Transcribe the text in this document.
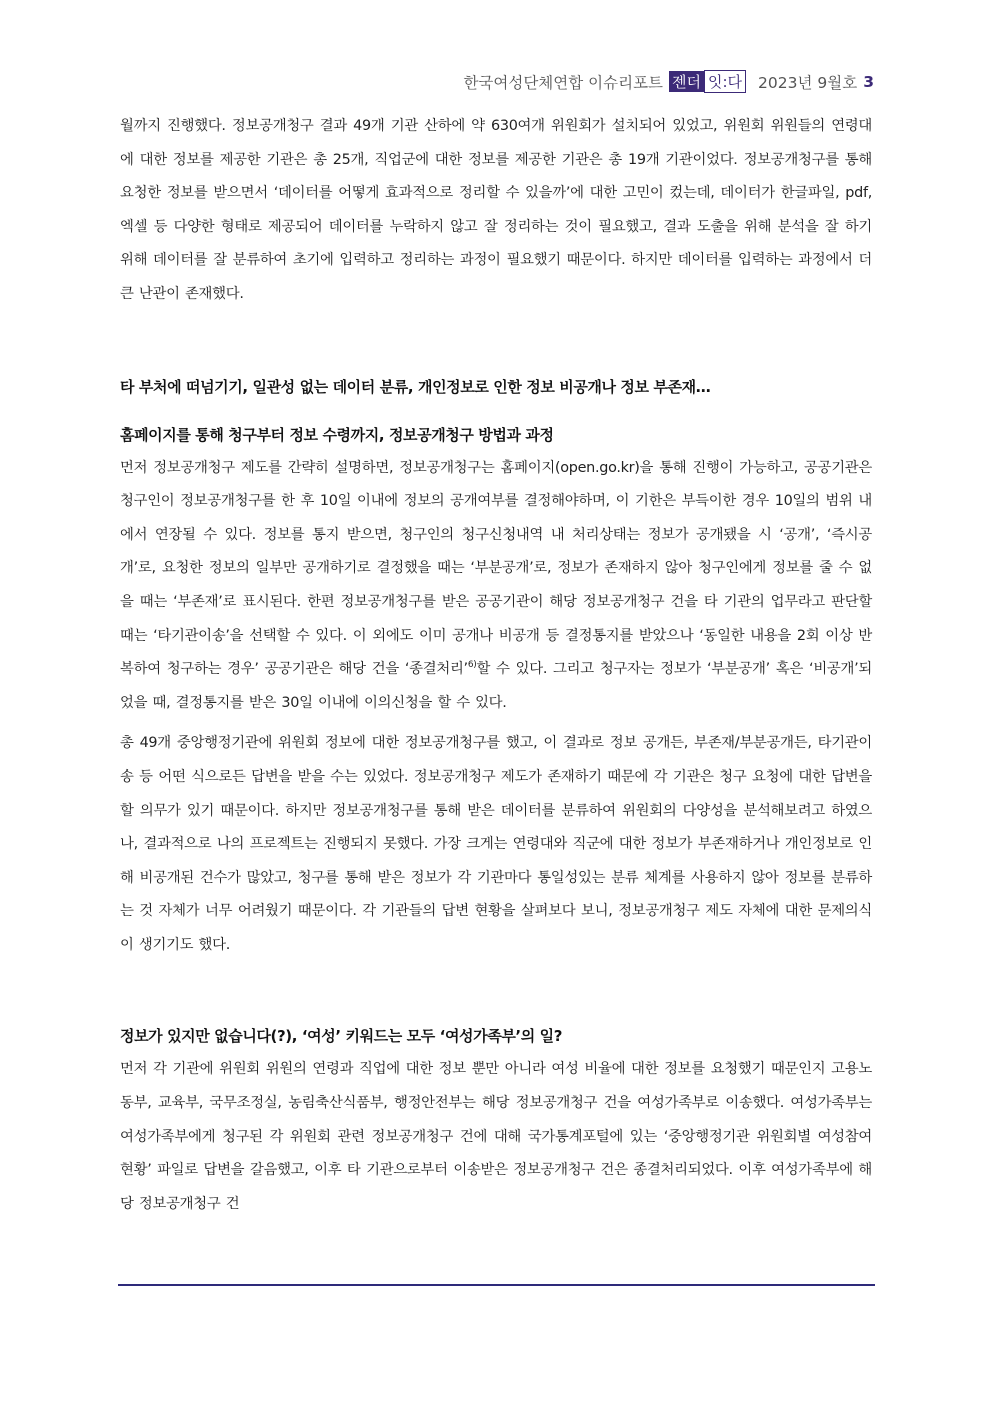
한국여성단체연합 이슈리포트 젠더 잇:다 2023년 9월호 3

월까지 진행했다. 정보공개청구 결과 49개 기관 산하에 약 630여개 위원회가 설치되어 있었고, 위원회 위원들의 연령대에 대한 정보를 제공한 기관은 총 25개, 직업군에 대한 정보를 제공한 기관은 총 19개 기관이었다. 정보공개청구를 통해 요청한 정보를 받으면서 ‘데이터를 어떻게 효과적으로 정리할 수 있을까’에 대한 고민이 컸는데, 데이터가 한글파일, pdf, 엑셀 등 다양한 형태로 제공되어 데이터를 누락하지 않고 잘 정리하는 것이 필요했고, 결과 도출을 위해 분석을 잘 하기 위해 데이터를 잘 분류하여 초기에 입력하고 정리하는 과정이 필요했기 때문이다. 하지만 데이터를 입력하는 과정에서 더 큰 난관이 존재했다.

타 부처에 떠넘기기, 일관성 없는 데이터 분류, 개인정보로 인한 정보 비공개나 정보 부존재…
홈페이지를 통해 청구부터 정보 수령까지, 정보공개청구 방법과 과정

먼저 정보공개청구 제도를 간략히 설명하면, 정보공개청구는 홈페이지(open.go.kr)을 통해 진행이 가능하고, 공공기관은 청구인이 정보공개청구를 한 후 10일 이내에 정보의 공개여부를 결정해야하며, 이 기한은 부득이한 경우 10일의 범위 내에서 연장될 수 있다. 정보를 통지 받으면, 청구인의 청구신청내역 내 처리상태는 정보가 공개됐을 시 ‘공개’, ‘즉시공개’로, 요청한 정보의 일부만 공개하기로 결정했을 때는 ‘부분공개’로, 정보가 존재하지 않아 청구인에게 정보를 줄 수 없을 때는 ‘부존재’로 표시된다. 한편 정보공개청구를 받은 공공기관이 해당 정보공개청구 건을 타 기관의 업무라고 판단할 때는 ‘타기관이송’을 선택할 수 있다. 이 외에도 이미 공개나 비공개 등 결정통지를 받았으나 ‘동일한 내용을 2회 이상 반복하여 청구하는 경우’ 공공기관은 해당 건을 ‘종결처리’$^{6)}$할 수 있다. 그리고 청구자는 정보가 ‘부분공개’ 혹은 ‘비공개’되었을 때, 결정통지를 받은 30일 이내에 이의신청을 할 수 있다.

총 49개 중앙행정기관에 위원회 정보에 대한 정보공개청구를 했고, 이 결과로 정보 공개든, 부존재/부분공개든, 타기관이송 등 어떤 식으로든 답변을 받을 수는 있었다. 정보공개청구 제도가 존재하기 때문에 각 기관은 청구 요청에 대한 답변을 할 의무가 있기 때문이다. 하지만 정보공개청구를 통해 받은 데이터를 분류하여 위원회의 다양성을 분석해보려고 하였으나, 결과적으로 나의 프로젝트는 진행되지 못했다. 가장 크게는 연령대와 직군에 대한 정보가 부존재하거나 개인정보로 인해 비공개된 건수가 많았고, 청구를 통해 받은 정보가 각 기관마다 통일성있는 분류 체계를 사용하지 않아 정보를 분류하는 것 자체가 너무 어려웠기 때문이다. 각 기관들의 답변 현황을 살펴보다 보니, 정보공개청구 제도 자체에 대한 문제의식이 생기기도 했다.

정보가 있지만 없습니다(?), ‘여성’ 키워드는 모두 ‘여성가족부’의 일?

먼저 각 기관에 위원회 위원의 연령과 직업에 대한 정보 뿐만 아니라 여성 비율에 대한 정보를 요청했기 때문인지 고용노동부, 교육부, 국무조정실, 농림축산식품부, 행정안전부는 해당 정보공개청구 건을 여성가족부로 이송했다. 여성가족부는 여성가족부에게 청구된 각 위원회 관련 정보공개청구 건에 대해 국가통계포털에 있는 ‘중앙행정기관 위원회별 여성참여 현황’ 파일로 답변을 갈음했고, 이후 타 기관으로부터 이송받은 정보공개청구 건은 종결처리되었다. 이후 여성가족부에 해당 정보공개청구 건
